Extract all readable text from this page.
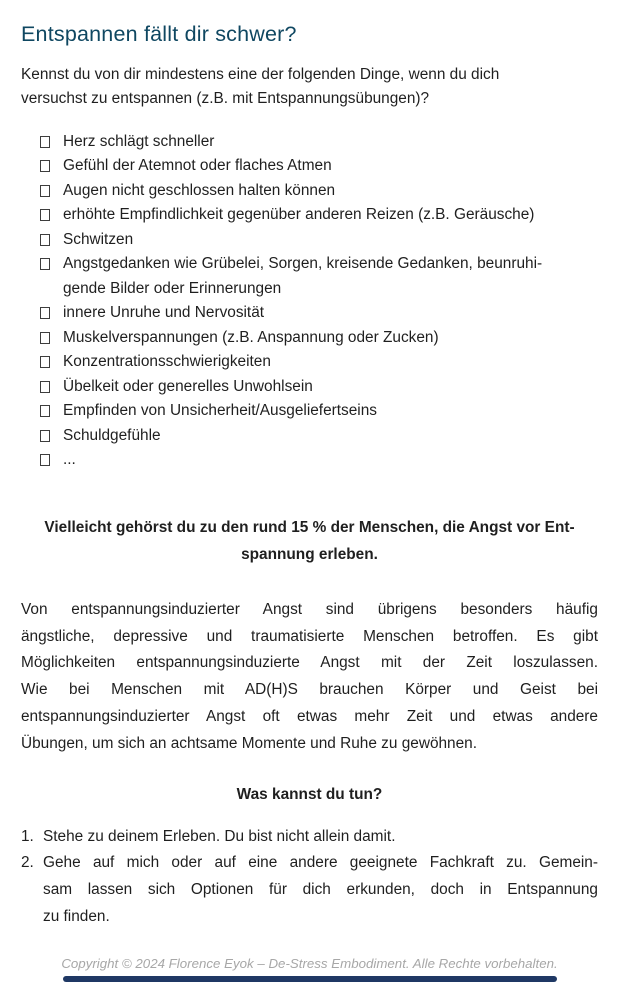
Entspannen fällt dir schwer?
Kennst du von dir mindestens eine der folgenden Dinge, wenn du dich
versuchst zu entspannen (z.B. mit Entspannungsübungen)?
Herz schlägt schneller
Gefühl der Atemnot oder flaches Atmen
Augen nicht geschlossen halten können
erhöhte Empfindlichkeit gegenüber anderen Reizen (z.B. Geräusche)
Schwitzen
Angstgedanken wie Grübelei, Sorgen, kreisende Gedanken, beunruhi-
gende Bilder oder Erinnerungen
innere Unruhe und Nervosität
Muskelverspannungen (z.B. Anspannung oder Zucken)
Konzentrationsschwierigkeiten
Übelkeit oder generelles Unwohlsein
Empfinden von Unsicherheit/Ausgeliefertseins
Schuldgefühle
...
Vielleicht gehörst du zu den rund 15 % der Menschen, die Angst vor Ent-
spannung erleben.
Von entspannungsinduzierter Angst sind übrigens besonders häufig
ängstliche, depressive und traumatisierte Menschen betroffen. Es gibt
Möglichkeiten entspannungsinduzierte Angst mit der Zeit loszulassen.
Wie bei Menschen mit AD(H)S brauchen Körper und Geist bei
entspannungsinduzierter Angst oft etwas mehr Zeit und etwas andere
Übungen, um sich an achtsame Momente und Ruhe zu gewöhnen.
Was kannst du tun?
1. Stehe zu deinem Erleben. Du bist nicht allein damit.
2. Gehe auf mich oder auf eine andere geeignete Fachkraft zu. Gemein-
sam lassen sich Optionen für dich erkunden, doch in Entspannung
zu finden.
Copyright © 2024 Florence Eyok – De-Stress Embodiment. Alle Rechte vorbehalten.
